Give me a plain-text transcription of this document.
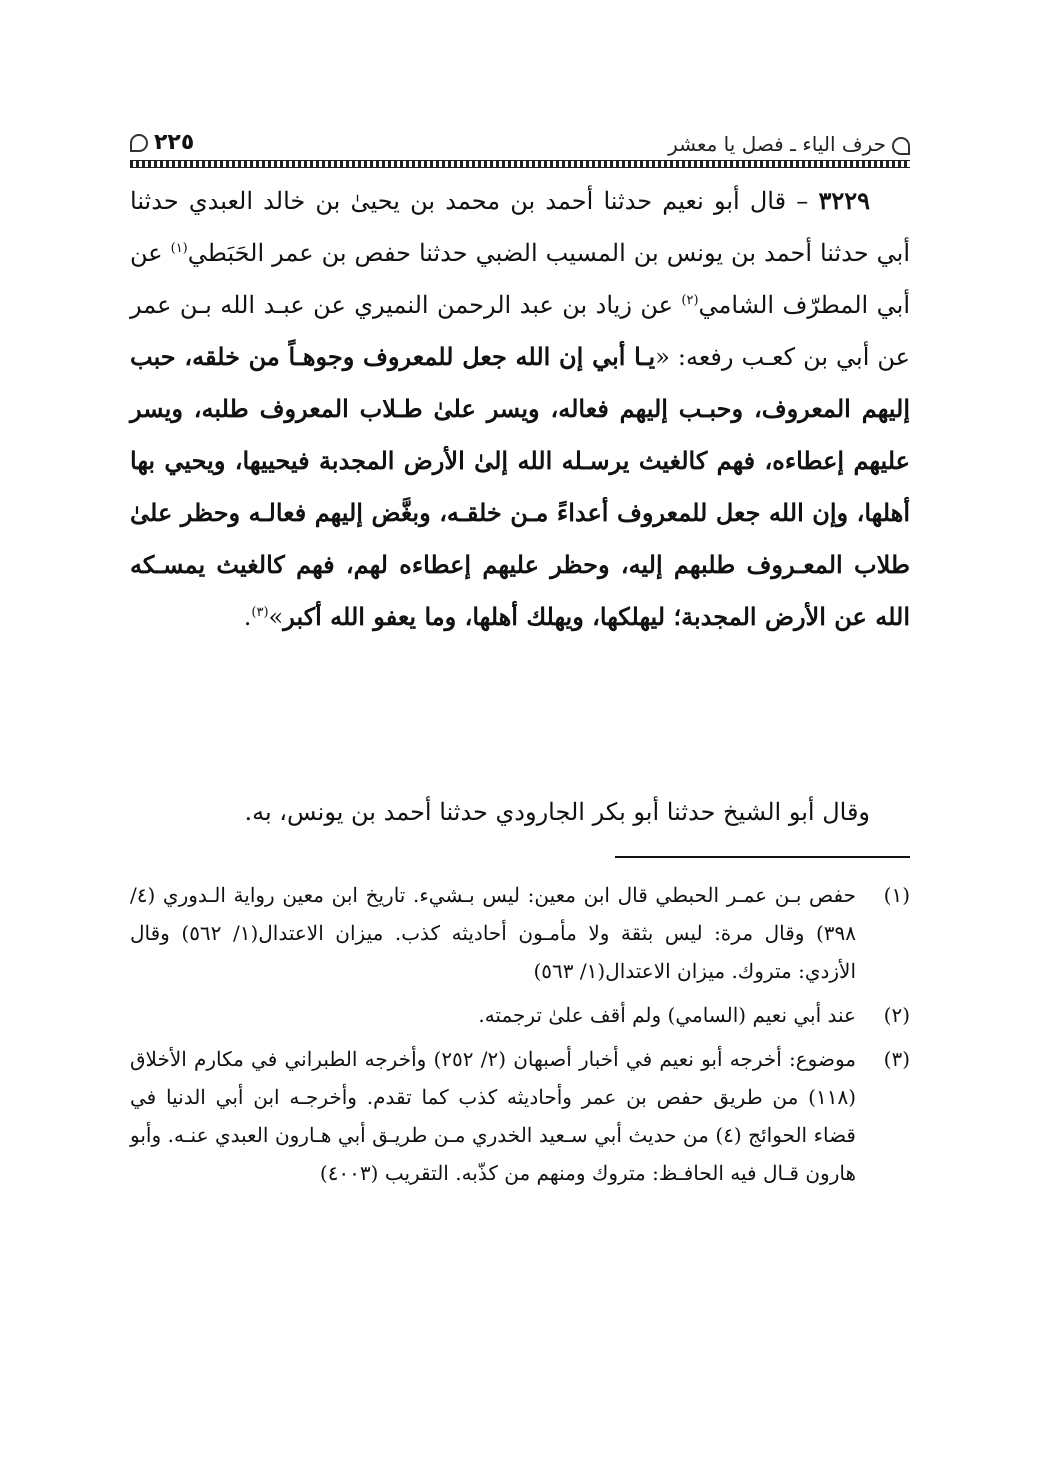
حرف الياء ـ فصل يا معشر
٢٢٥

٣٢٢٩ – قال أبو نعيم حدثنا أحمد بن محمد بن يحيىٰ بن خالد العبدي حدثنا أبي حدثنا أحمد بن يونس بن المسيب الضبي حدثنا حفص بن عمر الحَبَطي$^{(١)}$ عن أبي المطرّف الشامي$^{(٢)}$ عن زياد بن عبد الرحمن النميري عن عبـد الله بـن عمر عن أبي بن كعـب رفعه: «يـا أبي إن الله جعل للمعروف وجوهـاً من خلقه، حبب إليهم المعروف، وحبـب إليهم فعاله، ويسر علىٰ طـلاب المعروف طلبه، ويسر عليهم إعطاءه، فهم كالغيث يرسـله الله إلىٰ الأرض المجدبة فيحييها، ويحيي بها أهلها، وإن الله جعل للمعروف أعداءً مـن خلقـه، وبغَّض إليهم فعالـه وحظر علىٰ طلاب المعـروف طلبهم إليه، وحظر عليهم إعطاءه لهم، فهم كالغيث يمسـكه الله عن الأرض المجدبة؛ ليهلكها، ويهلك أهلها، وما يعفو الله أكبر»$^{(٣)}$.

وقال أبو الشيخ حدثنا أبو بكر الجارودي حدثنا أحمد بن يونس، به.

(١)
حفص بـن عمـر الحبطي قال ابن معين: ليس بـشيء. تاريخ ابن معين رواية الـدوري (٤/ ٣٩٨) وقال مرة: ليس بثقة ولا مأمـون أحاديثه كذب. ميزان الاعتدال(١/ ٥٦٢) وقال الأزدي: متروك. ميزان الاعتدال(١/ ٥٦٣)

(٢)
عند أبي نعيم (السامي) ولم أقف علىٰ ترجمته.

(٣)
موضوع: أخرجه أبو نعيم في أخبار أصبهان (٢/ ٢٥٢) وأخرجه الطبراني في مكارم الأخلاق (١١٨) من طريق حفص بن عمر وأحاديثه كذب كما تقدم. وأخرجـه ابن أبي الدنيا في قضاء الحوائج (٤) من حديث أبي سـعيد الخدري مـن طريـق أبي هـارون العبدي عنـه. وأبو هارون قـال فيه الحافـظ: متروك ومنهم من كذّبه. التقريب (٤٠٠٣)
